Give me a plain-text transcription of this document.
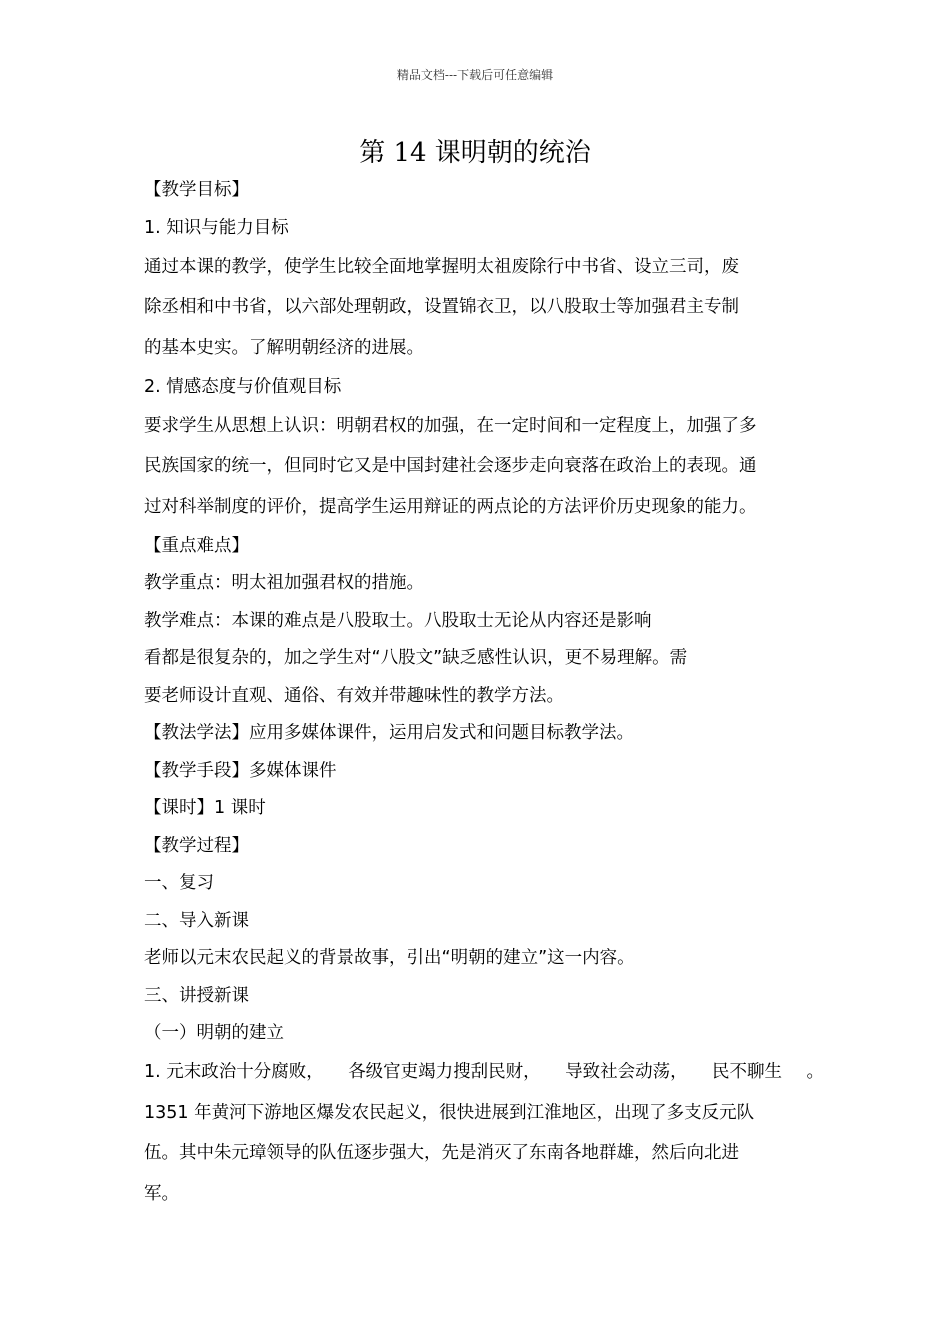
精品文档---下载后可任意编辑
第 14 课明朝的统治
【教学目标】
1. 知识与能力目标
通过本课的教学，使学生比较全面地掌握明太祖废除行中书省、设立三司，废
除丞相和中书省，以六部处理朝政，设置锦衣卫，以八股取士等加强君主专制
的基本史实。了解明朝经济的进展。
2. 情感态度与价值观目标
要求学生从思想上认识：明朝君权的加强，在一定时间和一定程度上，加强了多
民族国家的统一，但同时它又是中国封建社会逐步走向衰落在政治上的表现。通
过对科举制度的评价，提高学生运用辩证的两点论的方法评价历史现象的能力。
【重点难点】
教学重点：明太祖加强君权的措施。
教学难点：本课的难点是八股取士。八股取士无论从内容还是影响
看都是很复杂的，加之学生对“八股文”缺乏感性认识，更不易理解。需
要老师设计直观、通俗、有效并带趣味性的教学方法。
【教法学法】应用多媒体课件，运用启发式和问题目标教学法。
【教学手段】多媒体课件
【课时】1 课时
【教学过程】
一、复习
二、导入新课
老师以元末农民起义的背景故事，引出“明朝的建立”这一内容。
三、讲授新课
（一）明朝的建立
1. 元末政治十分腐败， 各级官吏竭力搜刮民财， 导致社会动荡， 民不聊生 。
1351 年黄河下游地区爆发农民起义，很快进展到江淮地区，出现了多支反元队
伍。其中朱元璋领导的队伍逐步强大，先是消灭了东南各地群雄，然后向北进
军。
